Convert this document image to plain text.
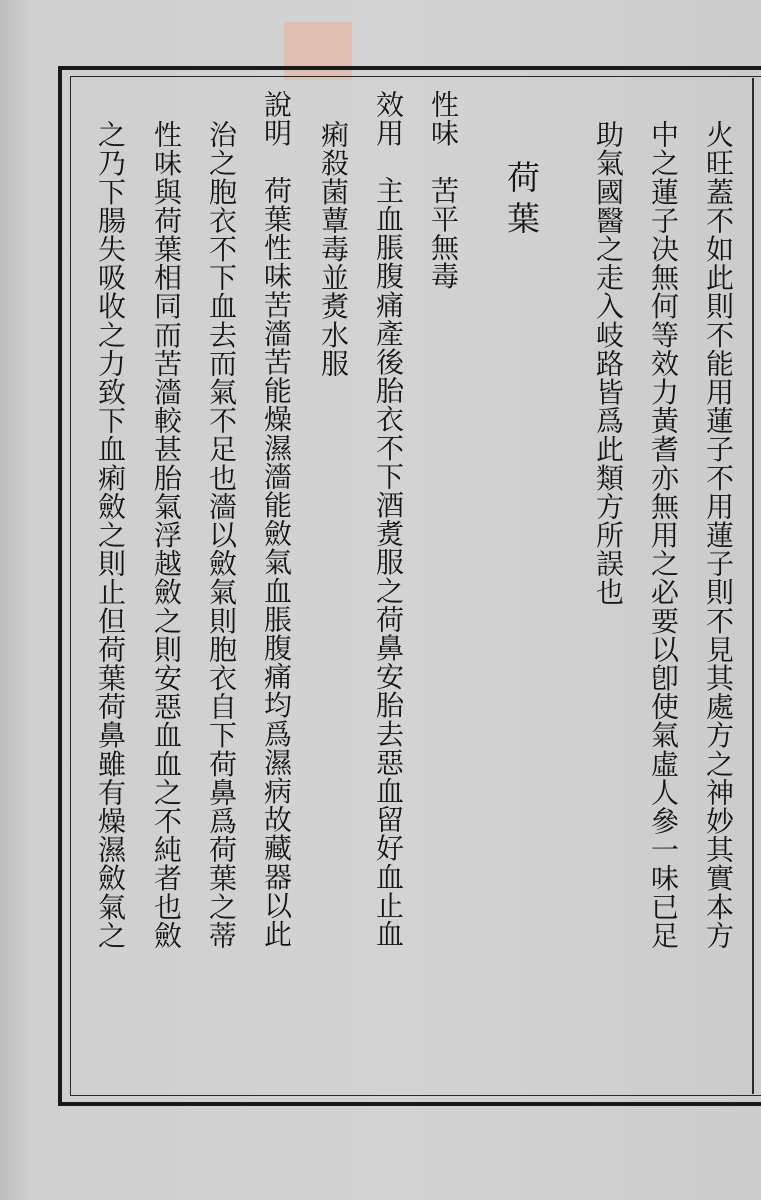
火旺蓋不如此則不能用蓮子不用蓮子則不見其處方之神妙其實本方
中之蓮子决無何等效力黃耆亦無用之必要以卽使氣虛人參一味已足
助氣國醫之走入岐路皆爲此類方所誤也
荷葉
性味　苦平無毒
效用　主血脹腹痛產後胎衣不下酒煑服之荷鼻安胎去惡血留好血止血
痢殺菌蕈毒並煑水服
說明　荷葉性味苦濇苦能燥濕濇能斂氣血脹腹痛均爲濕病故藏器以此
治之胞衣不下血去而氣不足也濇以斂氣則胞衣自下荷鼻爲荷葉之蒂
性味與荷葉相同而苦濇較甚胎氣浮越斂之則安惡血血之不純者也斂
之乃下腸失吸收之力致下血痢斂之則止但荷葉荷鼻雖有燥濕斂氣之
